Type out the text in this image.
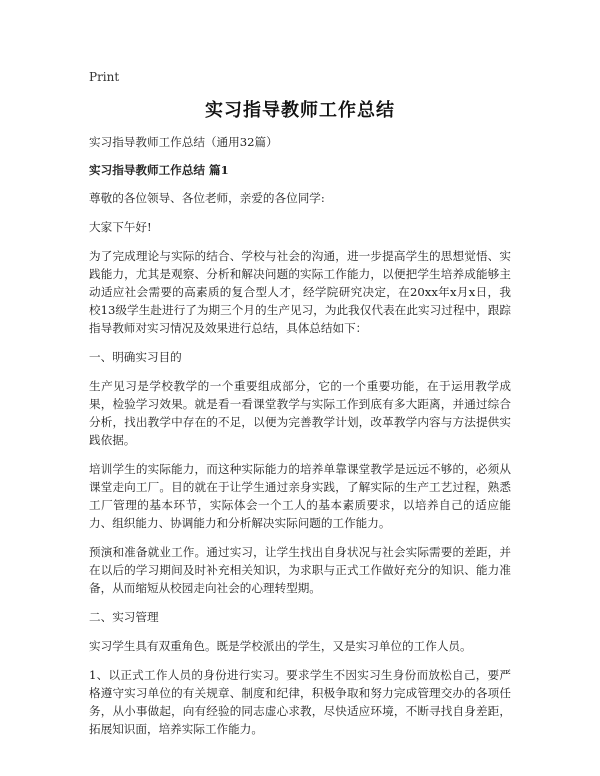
Print
实习指导教师工作总结

实习指导教师工作总结（通用32篇）

实习指导教师工作总结 篇1

尊敬的各位领导、各位老师，亲爱的各位同学:

大家下午好!

为了完成理论与实际的结合、学校与社会的沟通，进一步提高学生的思想觉悟、实践能力，尤其是观察、分析和解决问题的实际工作能力，以便把学生培养成能够主动适应社会需要的高素质的复合型人才，经学院研究决定，在20xx年x月x日，我校13级学生赴进行了为期三个月的生产见习，为此我仅代表在此实习过程中，跟踪指导教师对实习情况及效果进行总结，具体总结如下：

一、明确实习目的

生产见习是学校教学的一个重要组成部分，它的一个重要功能，在于运用教学成果，检验学习效果。就是看一看课堂教学与实际工作到底有多大距离，并通过综合分析，找出教学中存在的不足，以便为完善教学计划，改革教学内容与方法提供实践依据。

培训学生的实际能力，而这种实际能力的培养单靠课堂教学是远远不够的，必须从课堂走向工厂。目的就在于让学生通过亲身实践，了解实际的生产工艺过程，熟悉工厂管理的基本环节，实际体会一个工人的基本素质要求，以培养自己的适应能力、组织能力、协调能力和分析解决实际问题的工作能力。

预演和准备就业工作。通过实习，让学生找出自身状况与社会实际需要的差距，并在以后的学习期间及时补充相关知识，为求职与正式工作做好充分的知识、能力准备，从而缩短从校园走向社会的心理转型期。

二、实习管理

实习学生具有双重角色。既是学校派出的学生，又是实习单位的工作人员。

1、以正式工作人员的身份进行实习。要求学生不因实习生身份而放松自己，要严格遵守实习单位的有关规章、制度和纪律，积极争取和努力完成管理交办的各项任务，从小事做起，向有经验的同志虚心求教，尽快适应环境，不断寻找自身差距，拓展知识面，培养实际工作能力。
